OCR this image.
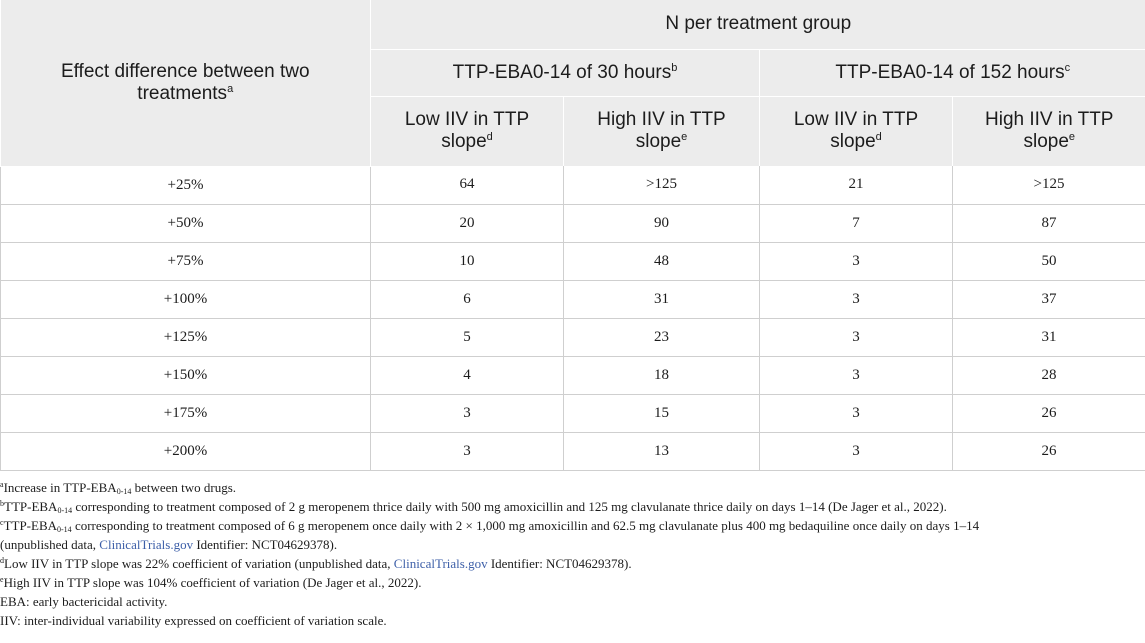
Effect difference between two treatments$^a$	N per treatment group			
	TTP-EBA0-14 of 30 hours$^b$		TTP-EBA0-14 of 152 hours$^c$
	Low IIV in TTP slope$^d$	High IIV in TTP slope$^e$	Low IIV in TTP slope$^d$	High IIV in TTP slope$^e$
+25%	64	>125	21	>125
+50%	20	90	7	87
+75%	10	48	3	50
+100%	6	31	3	37
+125%	5	23	3	31
+150%	4	18	3	28
+175%	3	15	3	26
+200%	3	13	3	26

$^a$Increase in TTP-$EBA_{0-14}$ between two drugs.

$^bTTP-EBA_{0-14}$ corresponding to treatment composed of 2 g meropenem thrice daily with 500 mg amoxicillin and 125 mg clavulanate thrice daily on days 1–14 (De Jager et al., 2022).

$^cTTP-EBA_{0-14}$ corresponding to treatment composed of 6 g meropenem once daily with 2 × 1,000 mg amoxicillin and 62.5 mg clavulanate plus 400 mg bedaquiline once daily on days 1–14
(unpublished data, ClinicalTrials.gov Identifier: NCT04629378).

$^d$Low IIV in TTP slope was 22% coefficient of variation (unpublished data, ClinicalTrials.gov Identifier: NCT04629378).

$^e$High IIV in TTP slope was 104% coefficient of variation (De Jager et al., 2022).

EBA: early bactericidal activity.

IIV: inter-individual variability expressed on coefficient of variation scale.
